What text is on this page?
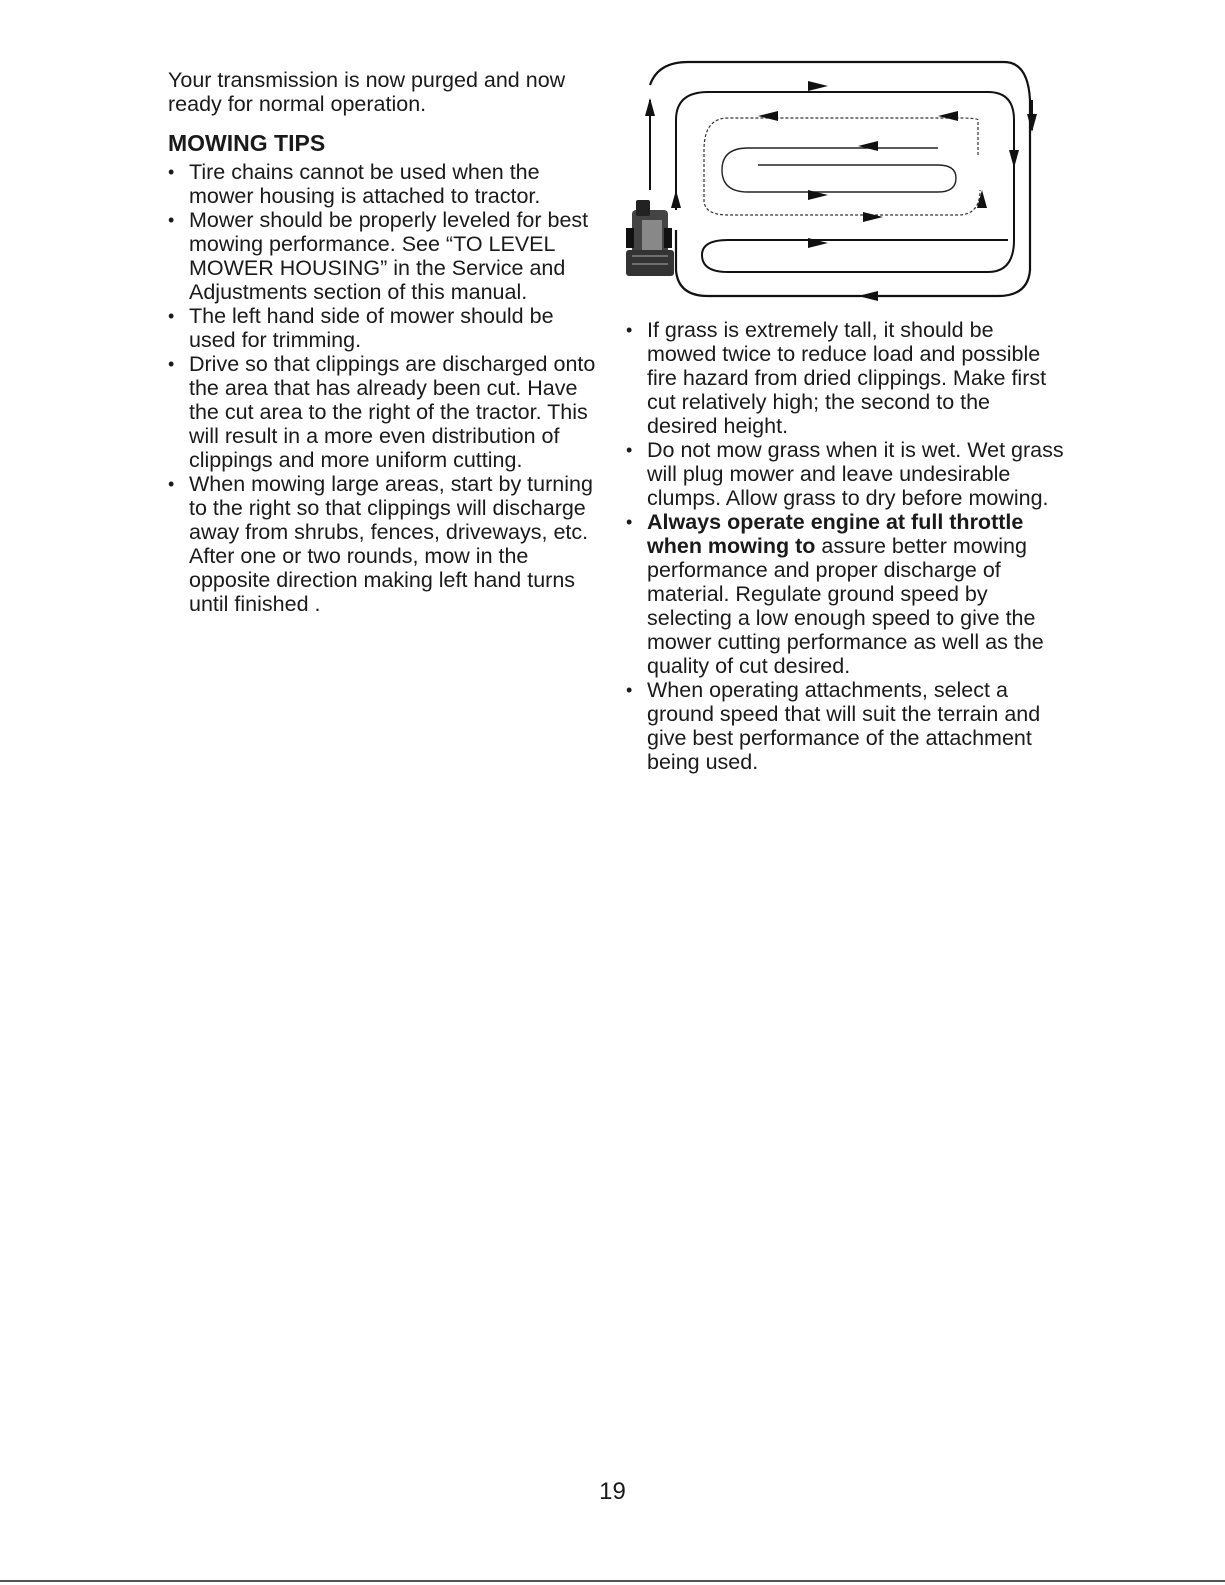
Your transmission is now purged and now ready for normal operation.

MOWING TIPS
• Tire chains cannot be used when the mower housing is attached to tractor.
• Mower should be properly leveled for best mowing performance. See “TO LEVEL MOWER HOUSING” in the Service and Adjustments section of this manual.
• The left hand side of mower should be used for trimming.
• Drive so that clippings are discharged onto the area that has already been cut. Have the cut area to the right of the tractor. This will result in a more even distribution of clippings and more uniform cutting.
• When mowing large areas, start by turning to the right so that clippings will discharge away from shrubs, fences, driveways, etc. After one or two rounds, mow in the opposite direction making left hand turns until finished .
• If grass is extremely tall, it should be mowed twice to reduce load and possible fire hazard from dried clippings. Make first cut relatively high; the second to the desired height.
• Do not mow grass when it is wet. Wet grass will plug mower and leave undesirable clumps. Allow grass to dry before mowing.
• Always operate engine at full throttle when mowing to assure better mowing performance and proper discharge of material. Regulate ground speed by selecting a low enough speed to give the mower cutting performance as well as the quality of cut desired.
• When operating attachments, select a ground speed that will suit the terrain and give best performance of the attachment being used.
19
